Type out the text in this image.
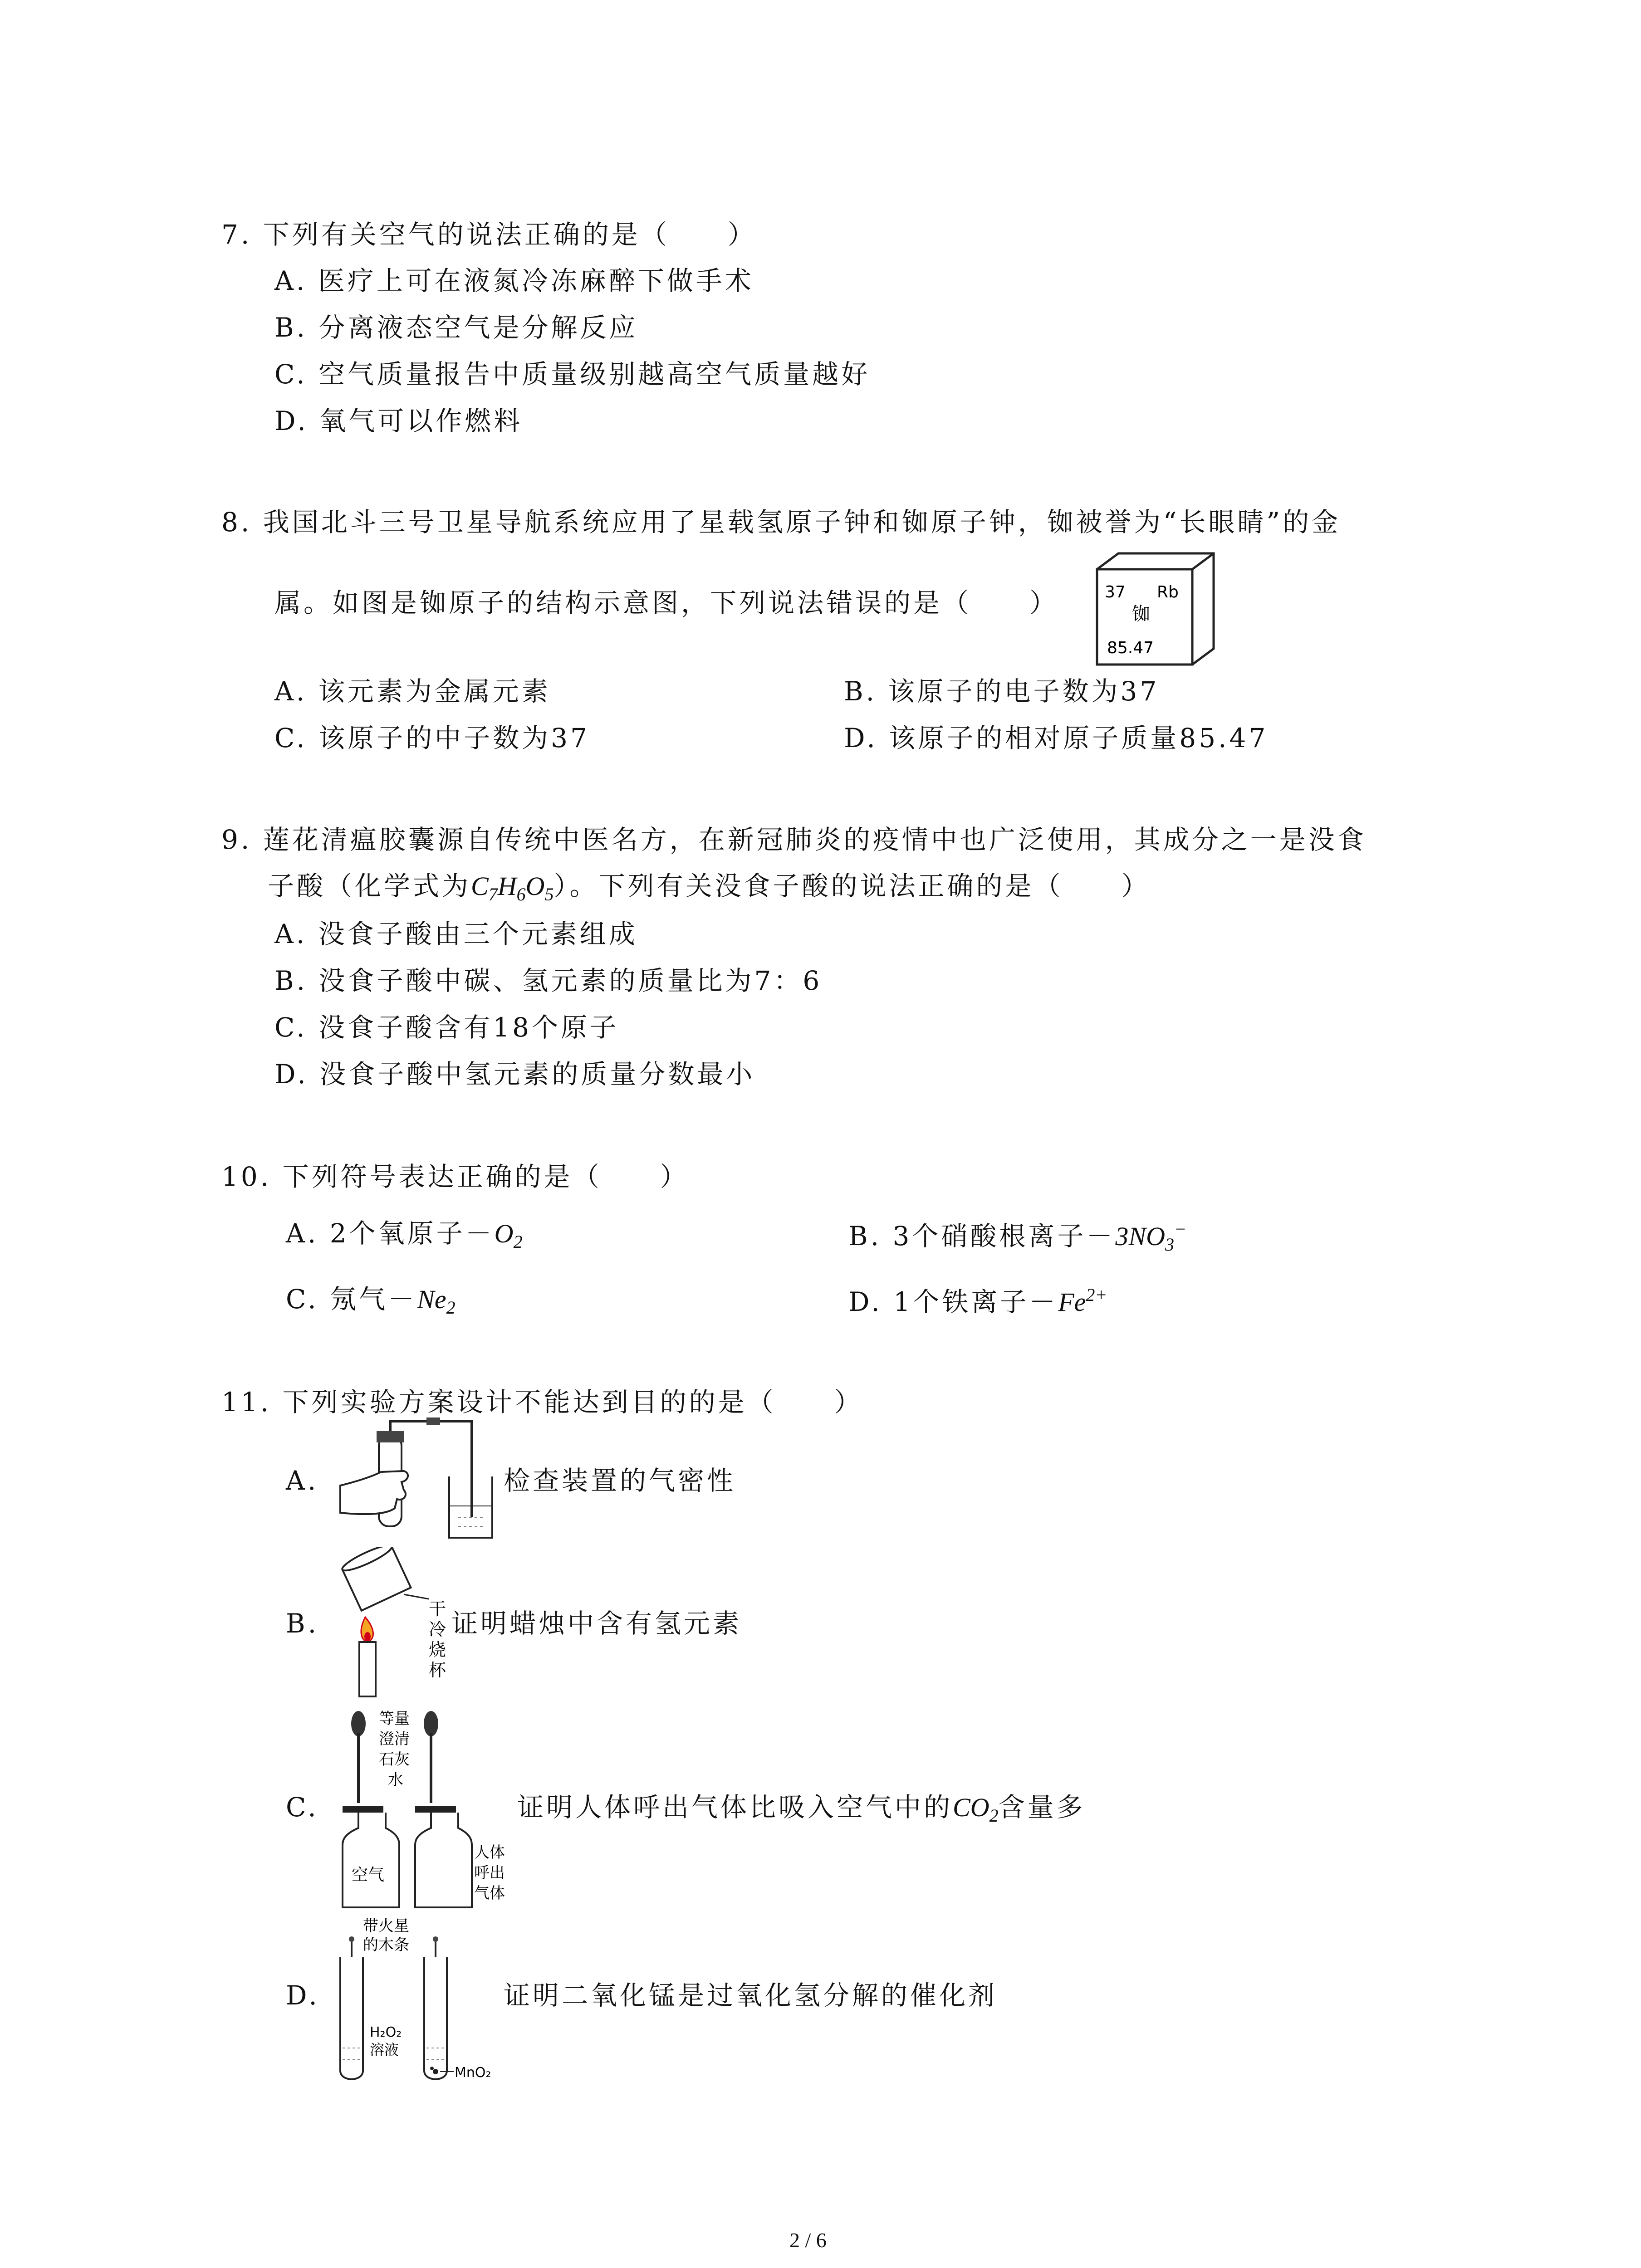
7. 下列有关空气的说法正确的是（　　）
A. 医疗上可在液氮冷冻麻醉下做手术
B. 分离液态空气是分解反应
C. 空气质量报告中质量级别越高空气质量越好
D. 氧气可以作燃料
8. 我国北斗三号卫星导航系统应用了星载氢原子钟和铷原子钟，铷被誉为“长眼睛”的金
属。如图是铷原子的结构示意图，下列说法错误的是（　　）	37 Rb
铷
85.47
A. 该元素为金属元素	B. 该原子的电子数为37
C. 该原子的中子数为37	D. 该原子的相对原子质量85.47
9. 莲花清瘟胶囊源自传统中医名方，在新冠肺炎的疫情中也广泛使用，其成分之一是没食
子酸（化学式为$C_7H_6O_5$）。下列有关没食子酸的说法正确的是（　　）
A. 没食子酸由三个元素组成
B. 没食子酸中碳、氢元素的质量比为7：6
C. 没食子酸含有18个原子
D. 没食子酸中氢元素的质量分数最小
10. 下列符号表达正确的是（　　）
A. 2个氧原子$-O_2$	B. 3个硝酸根离子$-3NO_3^-$
C. 氖气$-Ne_2$	D. 1个铁离子$-Fe^{2+}$
11. 下列实验方案设计不能达到目的的是（　　）
A.	检查装置的气密性
B.	干
冷
烧
杯
证明蜡烛中含有氢元素
C.
等量
澄清
石灰
水
空气
人体
呼出
气体
证明人体呼出气体比吸入空气中的$CO_2$含量多
D.
带火星
的木条
H₂O₂
溶液
MnO₂
证明二氧化锰是过氧化氢分解的催化剂
2 / 6
